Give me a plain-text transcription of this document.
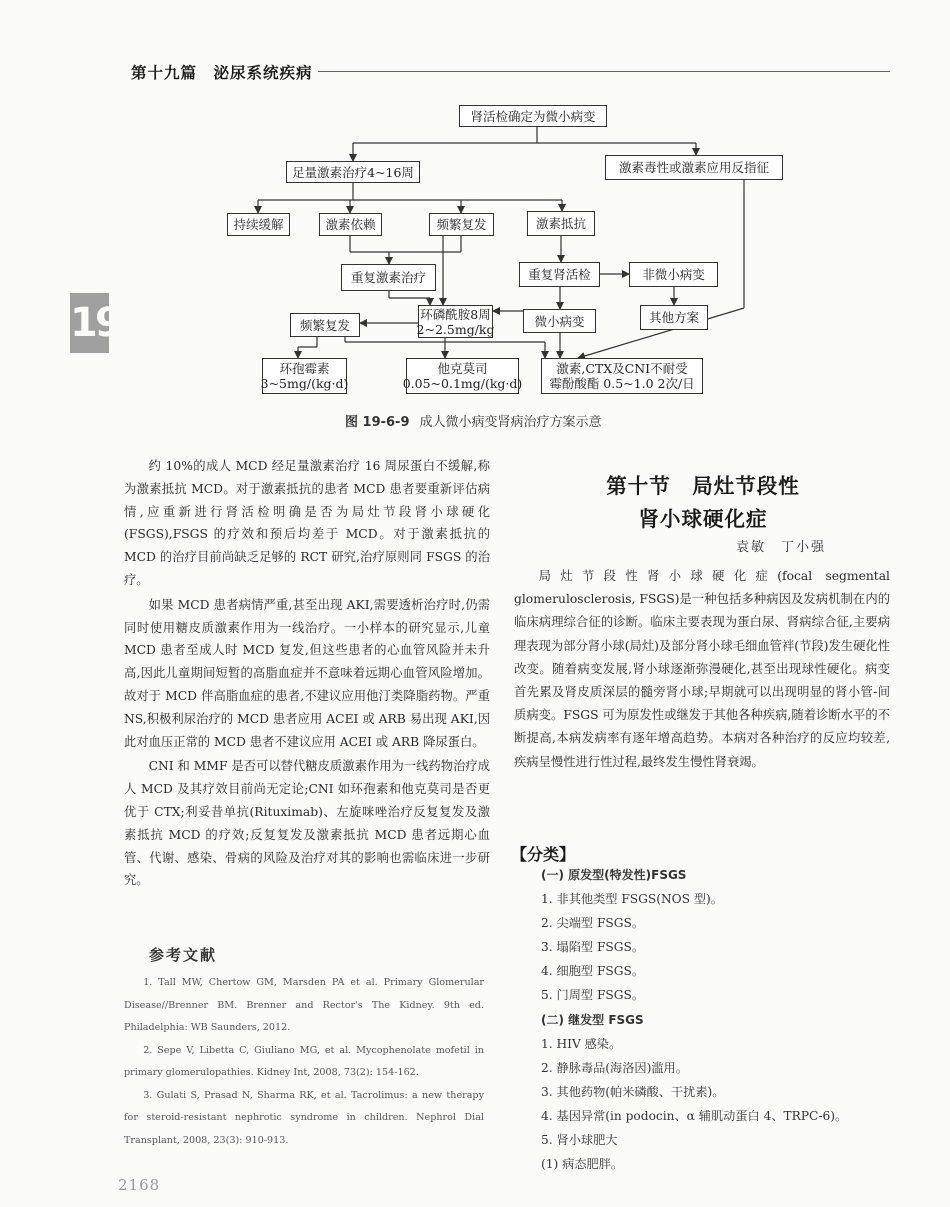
第十九篇　泌尿系统疾病
19
肾活检确定为微小病变
足量激素治疗4~16周	激素毒性或激素应用反指征
持续缓解	激素依赖	频繁复发	激素抵抗
重复激素治疗	重复肾活检	非微小病变
频繁复发
环磷酰胺8周
2~2.5mg/kg
微小病变	其他方案
环孢霉素
3~5mg/(kg·d)
他克莫司
0.05~0.1mg/(kg·d)
激素,CTX及CNI不耐受
霉酚酸酯 0.5~1.0 2次/日
图 19-6-9 成人微小病变肾病治疗方案示意

约 10%的成人 MCD 经足量激素治疗 16 周尿蛋白不缓解,称为激素抵抗 MCD。对于激素抵抗的患者 MCD 患者要重新评估病情,应重新进行肾活检明确是否为局灶节段肾小球硬化(FSGS),FSGS 的疗效和预后均差于 MCD。对于激素抵抗的 MCD 的治疗目前尚缺乏足够的 RCT 研究,治疗原则同 FSGS 的治疗。

如果 MCD 患者病情严重,甚至出现 AKI,需要透析治疗时,仍需同时使用糖皮质激素作用为一线治疗。一小样本的研究显示,儿童 MCD 患者至成人时 MCD 复发,但这些患者的心血管风险并未升高,因此儿童期间短暂的高脂血症并不意味着远期心血管风险增加。故对于 MCD 伴高脂血症的患者,不建议应用他汀类降脂药物。严重 NS,积极利尿治疗的 MCD 患者应用 ACEI 或 ARB 易出现 AKI,因此对血压正常的 MCD 患者不建议应用 ACEI 或 ARB 降尿蛋白。

CNI 和 MMF 是否可以替代糖皮质激素作用为一线药物治疗成人 MCD 及其疗效目前尚无定论;CNI 如环孢素和他克莫司是否更优于 CTX;利妥昔单抗(Rituximab)、左旋咪唑治疗反复复发及激素抵抗 MCD 的疗效;反复复发及激素抵抗 MCD 患者远期心血管、代谢、感染、骨病的风险及治疗对其的影响也需临床进一步研究。

参考文献

1. Tall MW, Chertow GM, Marsden PA et al. Primary Glomerular Disease//Brenner BM. Brenner and Rector's The Kidney. 9th ed. Philadelphia: WB Saunders, 2012.

2. Sepe V, Libetta C, Giuliano MG, et al. Mycophenolate mofetil in primary glomerulopathies. Kidney Int, 2008, 73(2): 154-162.

3. Gulati S, Prasad N, Sharma RK, et al. Tacrolimus: a new therapy for steroid-resistant nephrotic syndrome in children. Nephrol Dial Transplant, 2008, 23(3): 910-913.

2168
第十节　局灶节段性
肾小球硬化症
袁敏　丁小强

局灶节段性肾小球硬化症(focal segmental glomerulosclerosis, FSGS)是一种包括多种病因及发病机制在内的临床病理综合征的诊断。临床主要表现为蛋白尿、肾病综合征,主要病理表现为部分肾小球(局灶)及部分肾小球毛细血管袢(节段)发生硬化性改变。随着病变发展,肾小球逐渐弥漫硬化,甚至出现球性硬化。病变首先累及肾皮质深层的髓旁肾小球;早期就可以出现明显的肾小管-间质病变。FSGS 可为原发性或继发于其他各种疾病,随着诊断水平的不断提高,本病发病率有逐年增高趋势。本病对各种治疗的反应均较差,疾病呈慢性进行性过程,最终发生慢性肾衰竭。

【分类】
(一) 原发型(特发性)FSGS
1. 非其他类型 FSGS(NOS 型)。
2. 尖端型 FSGS。
3. 塌陷型 FSGS。
4. 细胞型 FSGS。
5. 门周型 FSGS。
(二) 继发型 FSGS
1. HIV 感染。
2. 静脉毒品(海洛因)滥用。
3. 其他药物(帕米磷酸、干扰素)。
4. 基因异常(in podocin、α 辅肌动蛋白 4、TRPC-6)。
5. 肾小球肥大
(1) 病态肥胖。
